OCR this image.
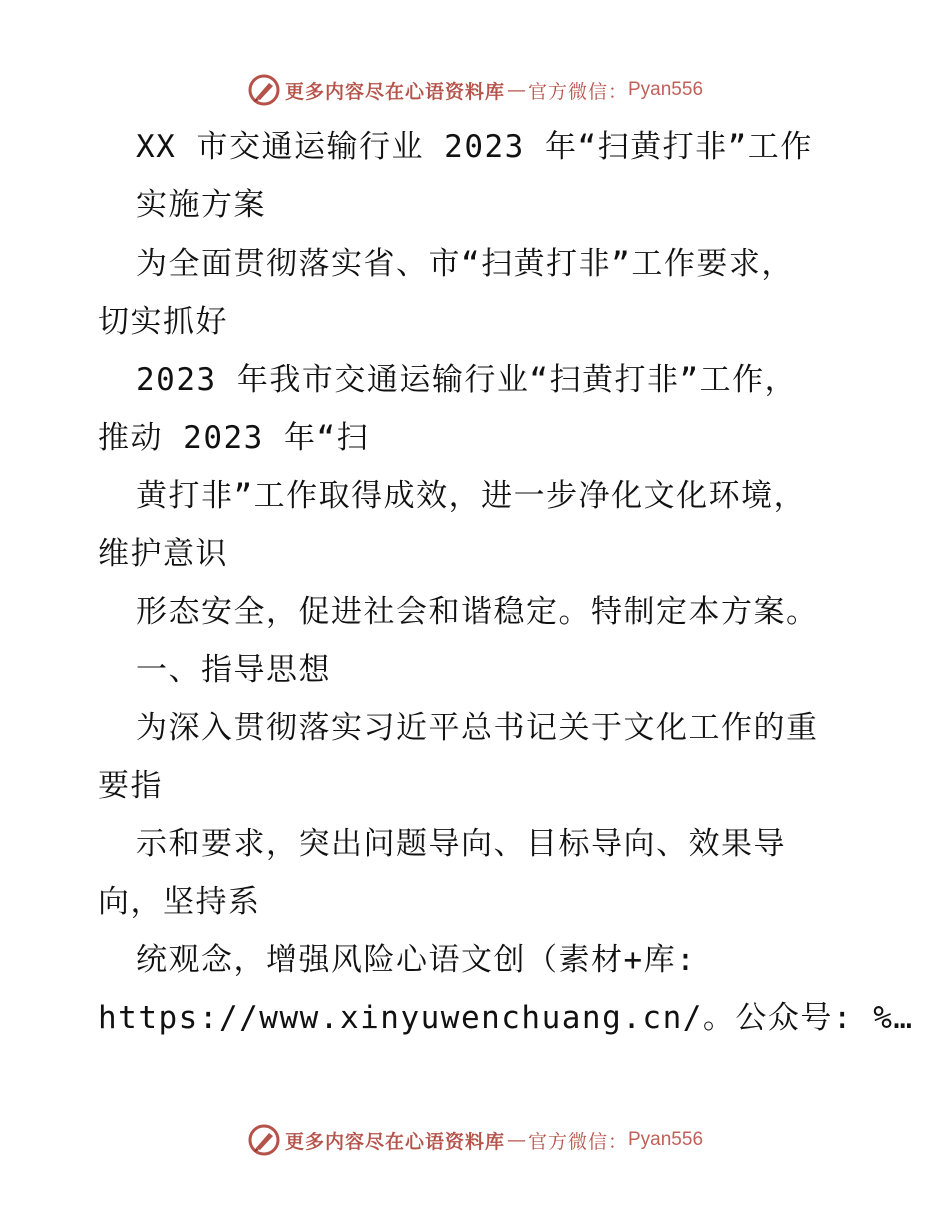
更多内容尽在心语资料库 — 官方微信： Pyan556
XX 市交通运输行业 2023 年“扫黄打非”工作
实施方案
为全面贯彻落实省、市“扫黄打非”工作要求，
切实抓好
2023 年我市交通运输行业“扫黄打非”工作，
推动 2023 年“扫
黄打非”工作取得成效，进一步净化文化环境，
维护意识
形态安全，促进社会和谐稳定。特制定本方案。
一、指导思想
为深入贯彻落实习近平总书记关于文化工作的重
要指
示和要求，突出问题导向、目标导向、效果导
向，坚持系
统观念，增强风险心语文创（素材+库:
https://www.xinyuwenchuang.cn/。公众号: %…
更多内容尽在心语资料库 — 官方微信： Pyan556
